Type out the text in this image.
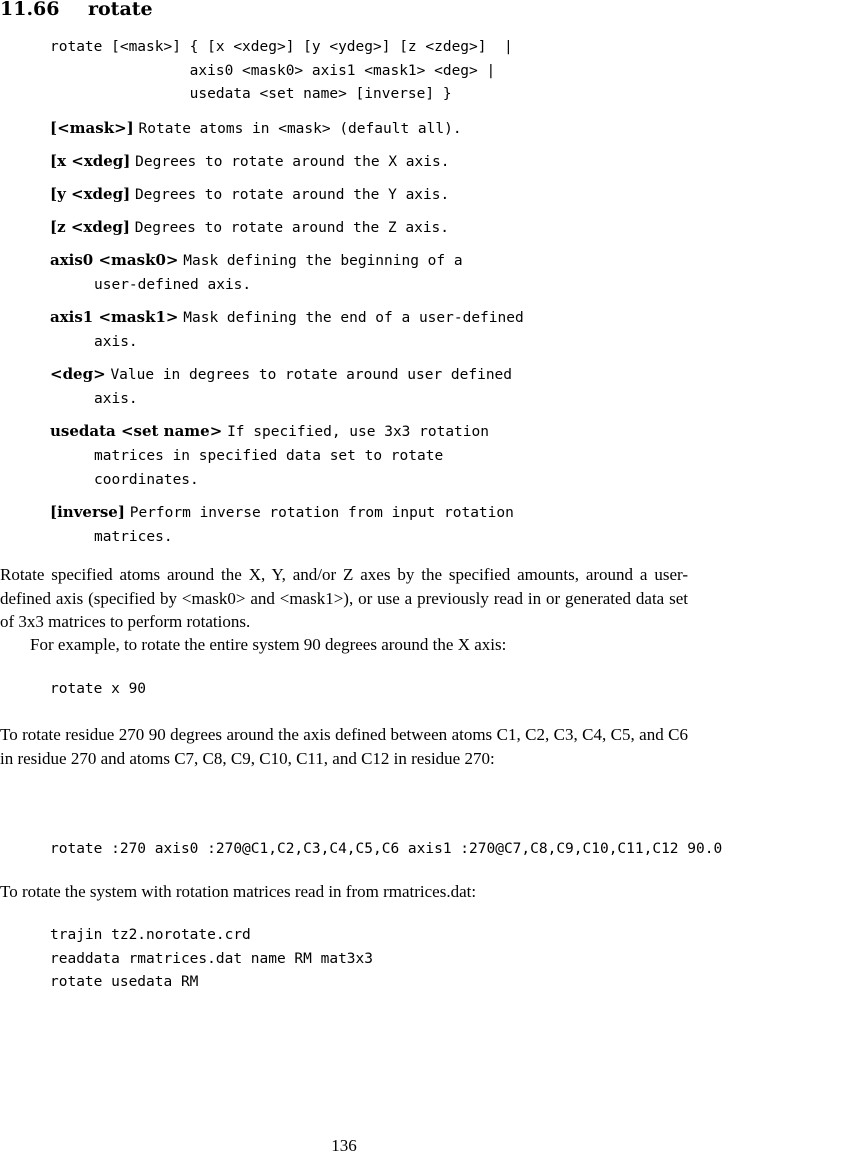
11.66 rotate
rotate [<mask>] { [x <xdeg>] [y <ydeg>] [z <zdeg>]  |
axis0 <mask0> axis1 <mask1> <deg> |
usedata <set name> [inverse] }
[<mask>] Rotate atoms in <mask> (default all).
[x <xdeg] Degrees to rotate around the X axis.
[y <xdeg] Degrees to rotate around the Y axis.
[z <xdeg] Degrees to rotate around the Z axis.
axis0 <mask0> Mask defining the beginning of a
user-defined axis.
axis1 <mask1> Mask defining the end of a user-defined
axis.
<deg> Value in degrees to rotate around user defined
axis.
usedata <set name> If specified, use 3x3 rotation
matrices in specified data set to rotate
coordinates.
[inverse] Perform inverse rotation from input rotation
matrices.

Rotate specified atoms around the X, Y, and/or Z axes by the specified amounts, around a user-defined axis (specified by <mask0> and <mask1>), or use a previously read in or generated data set of 3x3 matrices to perform rotations.

For example, to rotate the entire system 90 degrees around the X axis:

rotate x 90

To rotate residue 270 90 degrees around the axis defined between atoms C1, C2, C3, C4, C5, and C6 in residue 270 and atoms C7, C8, C9, C10, C11, and C12 in residue 270:

rotate :270 axis0 :270@C1,C2,C3,C4,C5,C6 axis1 :270@C7,C8,C9,C10,C11,C12 90.0

To rotate the system with rotation matrices read in from rmatrices.dat:

trajin tz2.norotate.crd
readdata rmatrices.dat name RM mat3x3
rotate usedata RM
136
